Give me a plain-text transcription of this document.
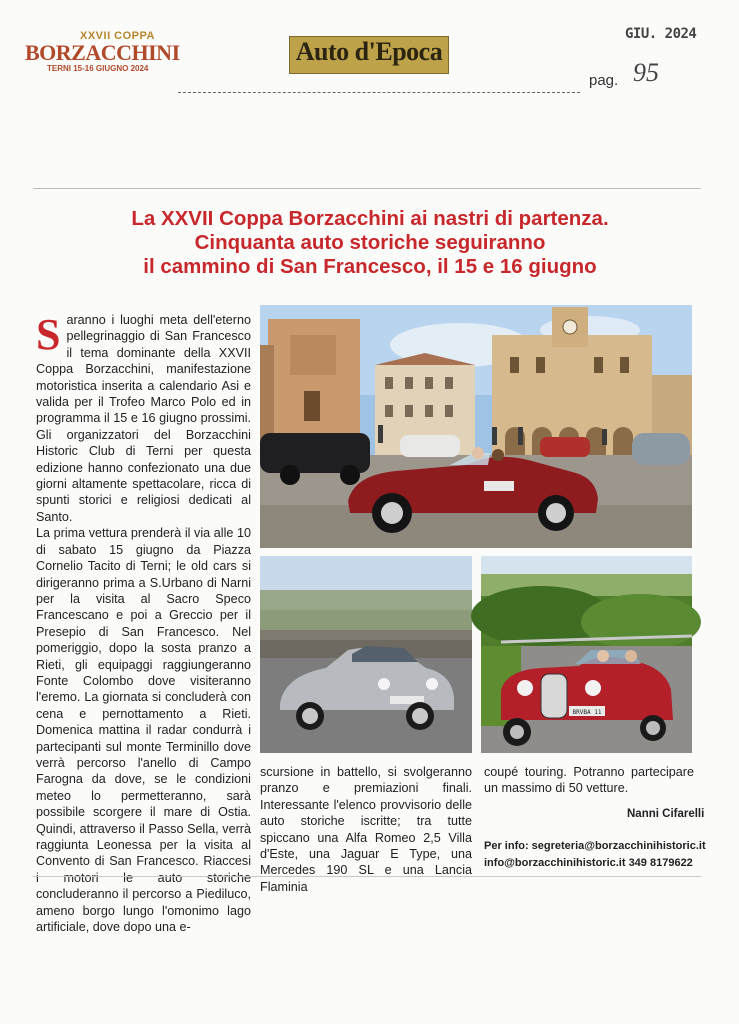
XXVII COPPA
BORZACCHINI
TERNI 15-16 GIUGNO 2024
Auto d'Epoca
GIU. 2024
pag. 95
La XXVII Coppa Borzacchini ai nastri di partenza.
Cinquanta auto storiche seguiranno
il cammino di San Francesco, il 15 e 16 giugno

Saranno i luoghi meta dell'eterno pellegrinaggio di San Francesco il tema dominante della XXVII Coppa Borzacchini, manifestazione motoristica inserita a calendario Asi e valida per il Trofeo Marco Polo ed in programma il 15 e 16 giugno prossimi. Gli organizzatori del Borzacchini Historic Club di Terni per questa edizione hanno confezionato una due giorni altamente spettacolare, ricca di spunti storici e religiosi dedicati al Santo.

La prima vettura prenderà il via alle 10 di sabato 15 giugno da Piazza Cornelio Tacito di Terni; le old cars si dirigeranno prima a S.Urbano di Narni per la visita al Sacro Speco Francescano e poi a Greccio per il Presepio di San Francesco. Nel pomeriggio, dopo la sosta pranzo a Rieti, gli equipaggi raggiungeranno Fonte Colombo dove visiteranno l'eremo. La giornata si concluderà con cena e pernottamento a Rieti. Domenica mattina il radar condurrà i partecipanti sul monte Terminillo dove verrà percorso l'anello di Campo Farogna da dove, se le condizioni meteo lo permetteranno, sarà possibile scorgere il mare di Ostia. Quindi, attraverso il Passo Sella, verrà raggiunta Leonessa per la visita al Convento di San Francesco. Riaccesi i motori le auto storiche concluderanno il percorso a Piediluco, ameno borgo lungo l'omonimo lago artificiale, dove dopo una e-

scursione in battello, si svolgeranno pranzo e premiazioni finali. Interessante l'elenco provvisorio delle auto storiche iscritte; tra tutte spiccano una Alfa Romeo 2,5 Villa d'Este, una Jaguar E Type, una Mercedes 190 SL e una Lancia Flaminia
coupé touring. Potranno partecipare un massimo di 50 vetture.
Nanni Cifarelli
Per info: segreteria@borzacchinihistoric.it
info@borzacchinihistoric.it 349 8179622
BRVBA 11
